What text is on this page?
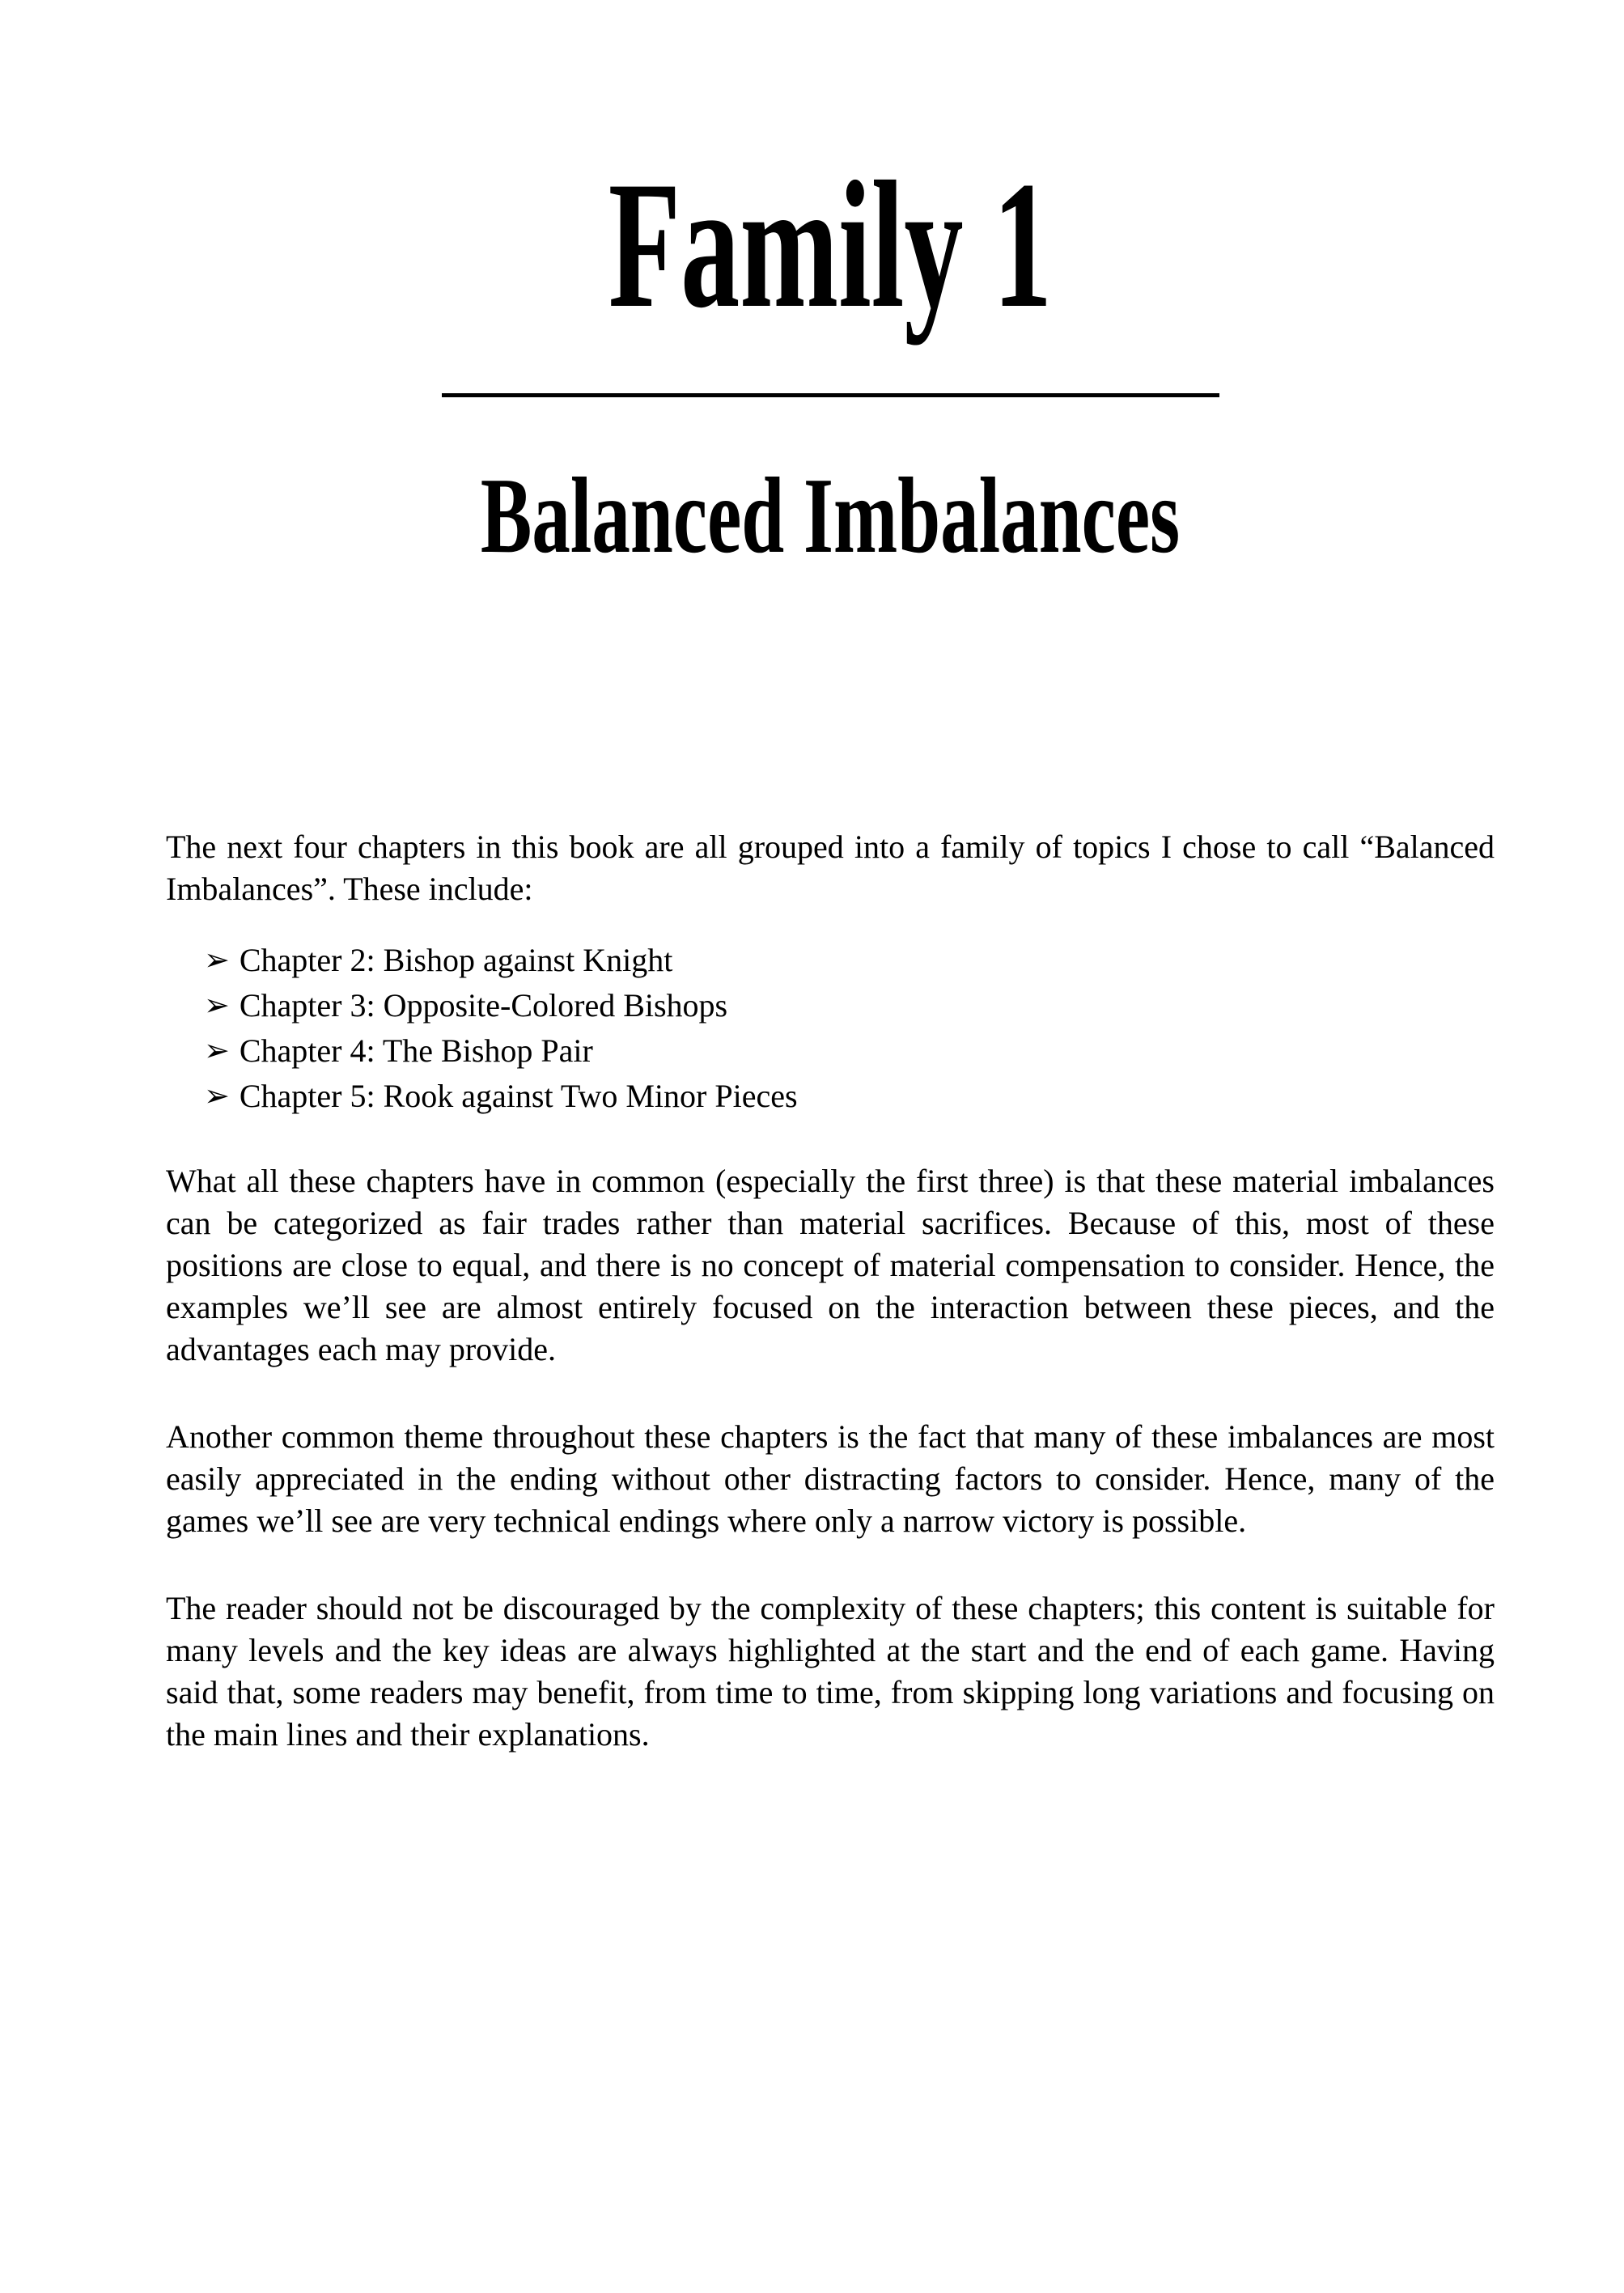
Family 1
Balanced Imbalances

The next four chapters in this book are all grouped into a family of topics I chose to call “Balanced Imbalances”. These include:

➢ Chapter 2: Bishop against Knight
➢ Chapter 3: Opposite-Colored Bishops
➢ Chapter 4: The Bishop Pair
➢ Chapter 5: Rook against Two Minor Pieces

What all these chapters have in common (especially the first three) is that these material imbalances can be categorized as fair trades rather than material sacrifices. Because of this, most of these positions are close to equal, and there is no concept of material compensation to consider. Hence, the examples we’ll see are almost entirely focused on the interaction between these pieces, and the advantages each may provide.

Another common theme throughout these chapters is the fact that many of these imbalances are most easily appreciated in the ending without other distracting factors to consider. Hence, many of the games we’ll see are very technical endings where only a narrow victory is possible.

The reader should not be discouraged by the complexity of these chapters; this content is suitable for many levels and the key ideas are always highlighted at the start and the end of each game. Having said that, some readers may benefit, from time to time, from skipping long variations and focusing on the main lines and their explanations.
